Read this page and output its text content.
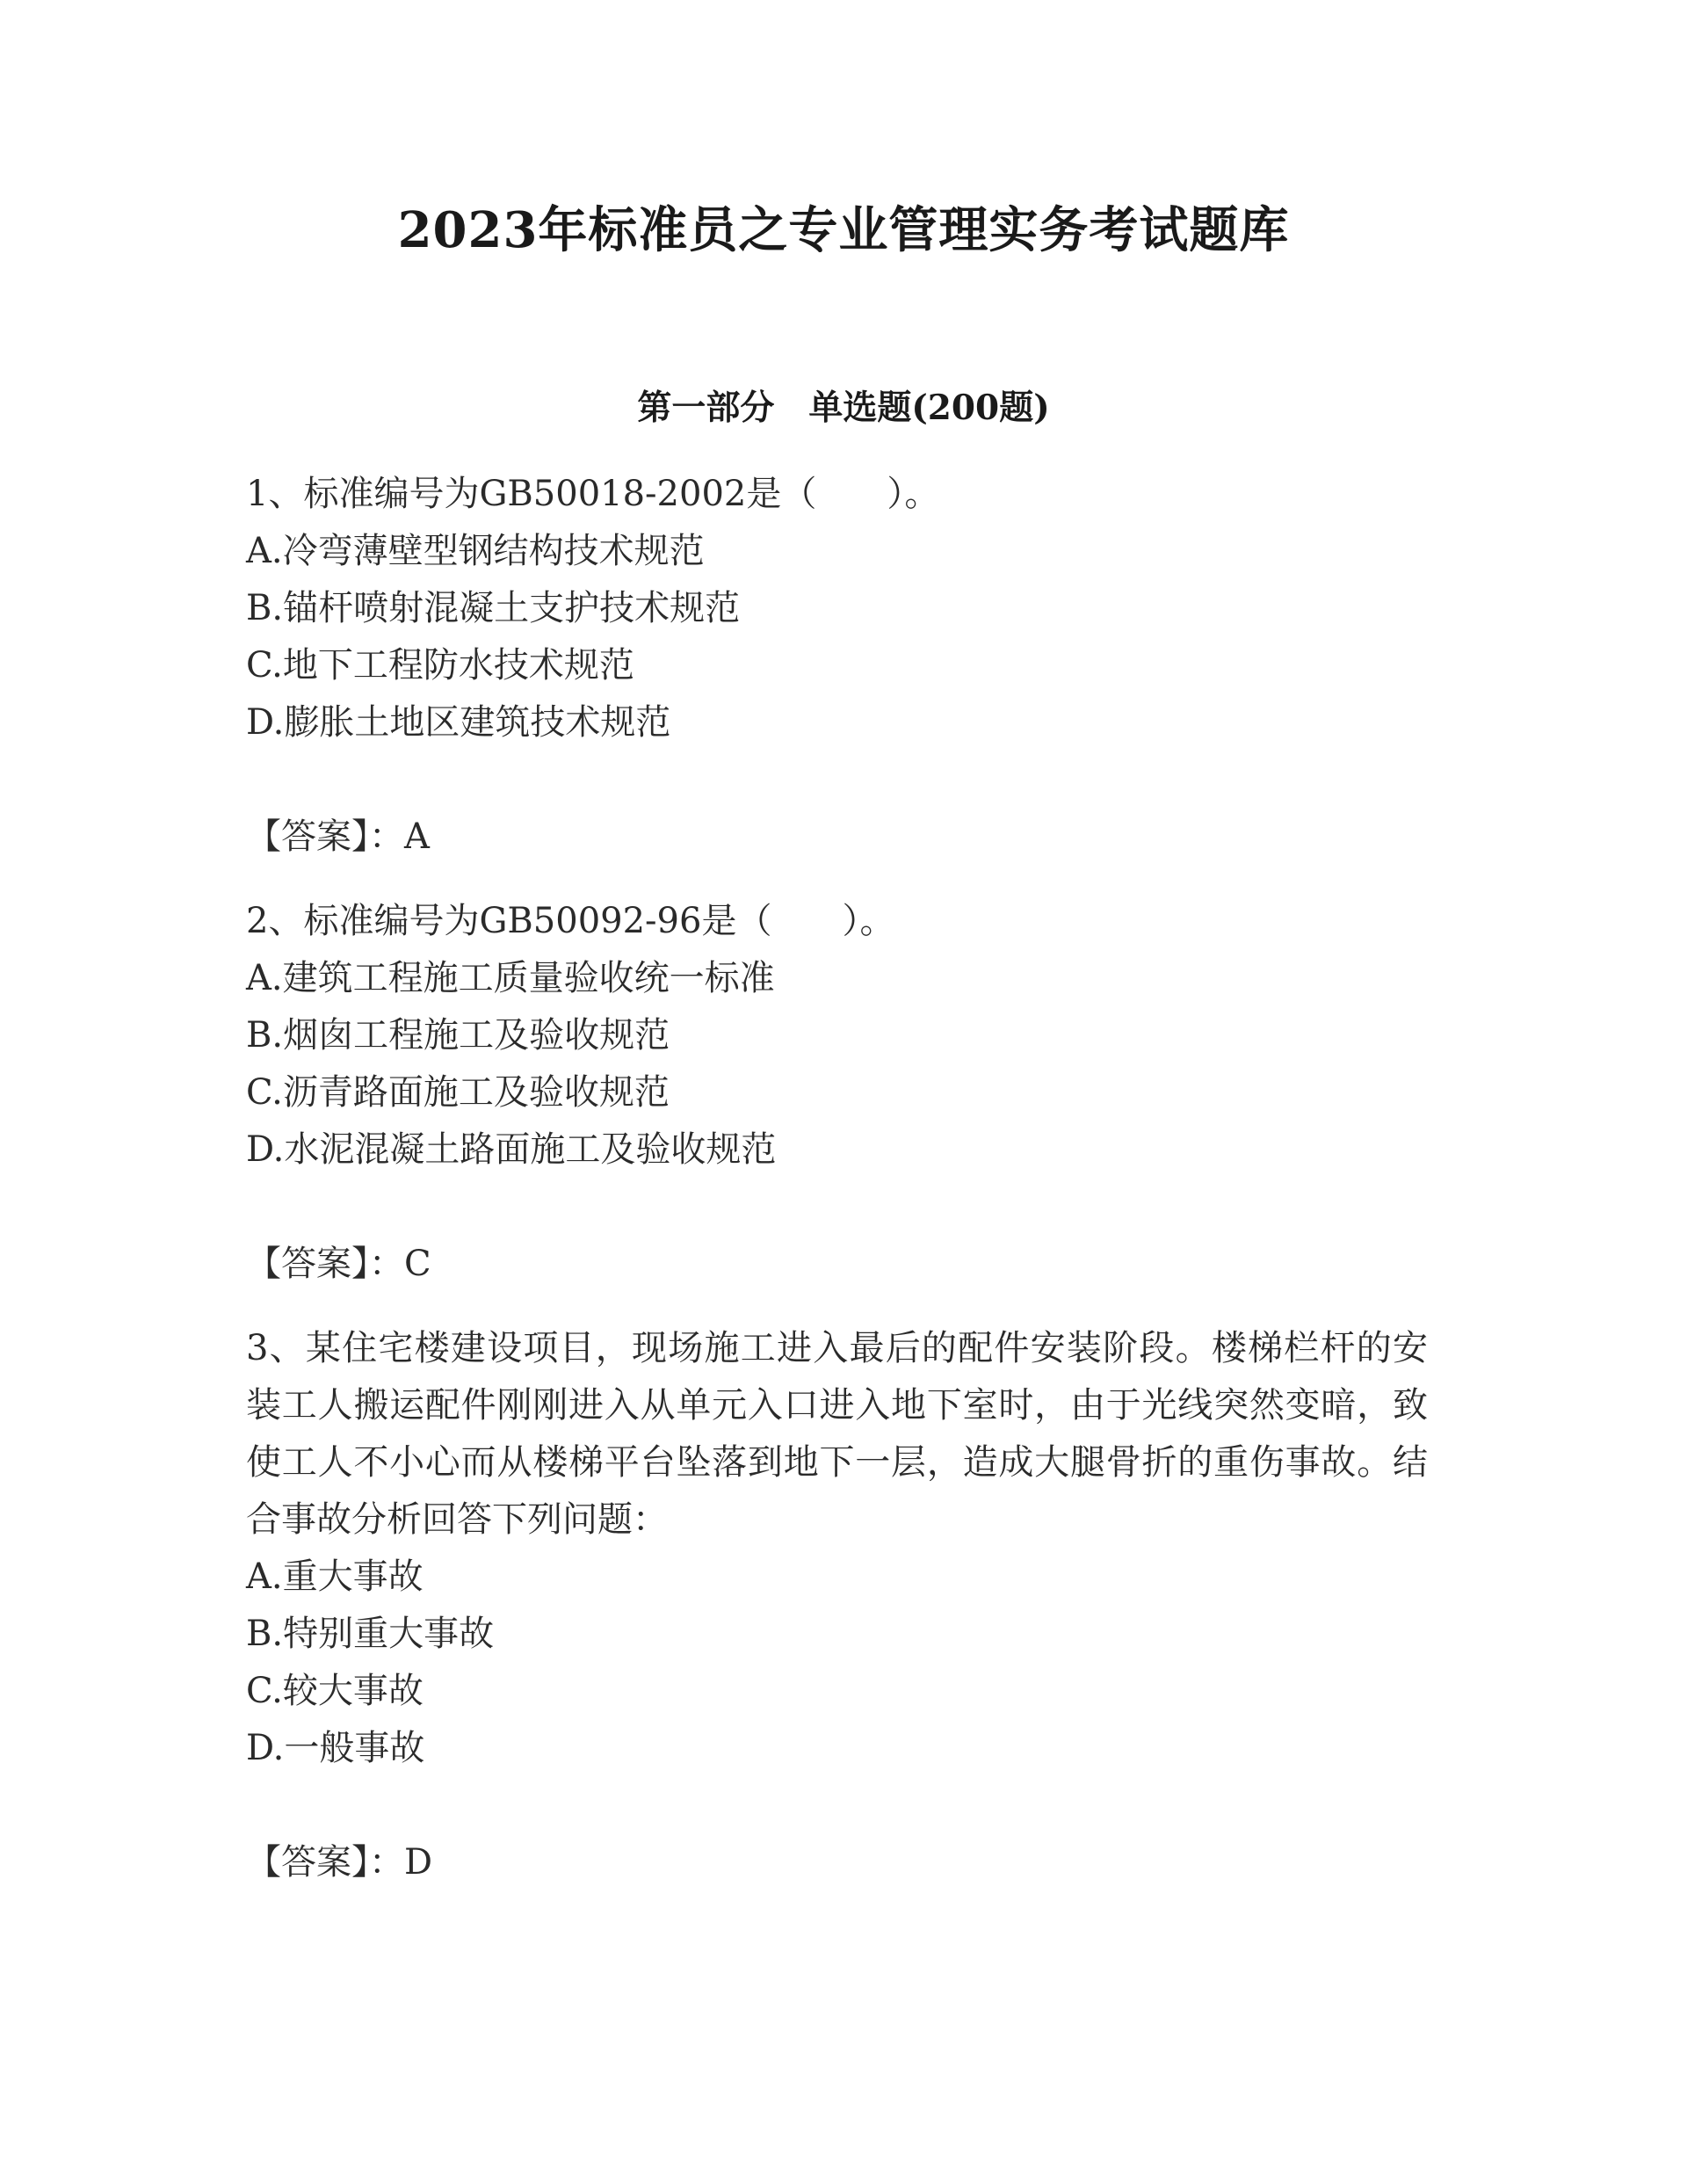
2023年标准员之专业管理实务考试题库
第一部分　单选题(200题)

1、标准编号为GB50018-2002是（　　）。

A.冷弯薄壁型钢结构技术规范
B.锚杆喷射混凝土支护技术规范
C.地下工程防水技术规范
D.膨胀土地区建筑技术规范

【答案】：A

2、标准编号为GB50092-96是（　　）。

A.建筑工程施工质量验收统一标准
B.烟囱工程施工及验收规范
C.沥青路面施工及验收规范
D.水泥混凝土路面施工及验收规范

【答案】：C

3、某住宅楼建设项目，现场施工进入最后的配件安装阶段。楼梯栏杆的安装工人搬运配件刚刚进入从单元入口进入地下室时，由于光线突然变暗，致使工人不小心而从楼梯平台坠落到地下一层，造成大腿骨折的重伤事故。结合事故分析回答下列问题：

A.重大事故
B.特别重大事故
C.较大事故
D.一般事故

【答案】：D
